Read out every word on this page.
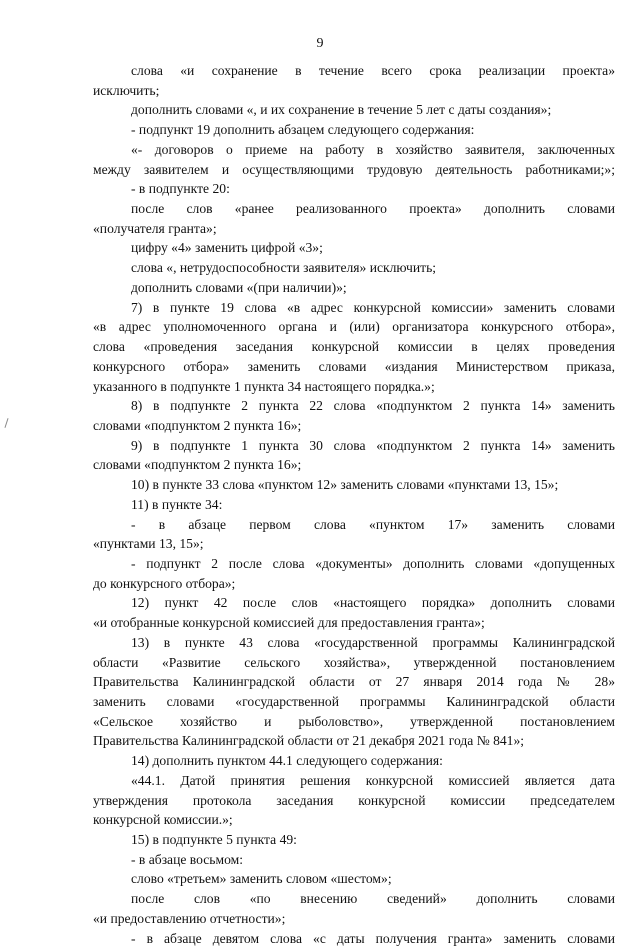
9
слова «и сохранение в течение всего срока реализации проекта»
исключить;
дополнить словами «, и их сохранение в течение 5 лет с даты создания»;
- подпункт 19 дополнить абзацем следующего содержания:
«- договоров о приеме на работу в хозяйство заявителя, заключенных
между заявителем и осуществляющими трудовую деятельность работниками;»;
- в подпункте 20:
после слов «ранее реализованного проекта» дополнить словами
«получателя гранта»;
цифру «4» заменить цифрой «3»;
слова «, нетрудоспособности заявителя» исключить;
дополнить словами «(при наличии)»;
7) в пункте 19 слова «в адрес конкурсной комиссии» заменить словами
«в адрес уполномоченного органа и (или) организатора конкурсного отбора»,
слова «проведения заседания конкурсной комиссии в целях проведения
конкурсного отбора» заменить словами «издания Министерством приказа,
указанного в подпункте 1 пункта 34 настоящего порядка.»;
8) в подпункте 2 пункта 22 слова «подпунктом 2 пункта 14» заменить
словами «подпунктом 2 пункта 16»;
9) в подпункте 1 пункта 30 слова «подпунктом 2 пункта 14» заменить
словами «подпунктом 2 пункта 16»;
10) в пункте 33 слова «пунктом 12» заменить словами «пунктами 13, 15»;
11) в пункте 34:
- в абзаце первом слова «пунктом 17» заменить словами
«пунктами 13, 15»;
- подпункт 2 после слова «документы» дополнить словами «допущенных
до конкурсного отбора»;
12) пункт 42 после слов «настоящего порядка» дополнить словами
«и отобранные конкурсной комиссией для предоставления гранта»;
13) в пункте 43 слова «государственной программы Калининградской
области «Развитие сельского хозяйства», утвержденной постановлением
Правительства Калининградской области от 27 января 2014 года № 28»
заменить словами «государственной программы Калининградской области
«Сельское хозяйство и рыболовство», утвержденной постановлением
Правительства Калининградской области от 21 декабря 2021 года № 841»;
14) дополнить пунктом 44.1 следующего содержания:
«44.1. Датой принятия решения конкурсной комиссией является дата
утверждения протокола заседания конкурсной комиссии председателем
конкурсной комиссии.»;
15) в подпункте 5 пункта 49:
- в абзаце восьмом:
слово «третьем» заменить словом «шестом»;
после слов «по внесению сведений» дополнить словами
«и предоставлению отчетности»;
- в абзаце девятом слова «с даты получения гранта» заменить словами
